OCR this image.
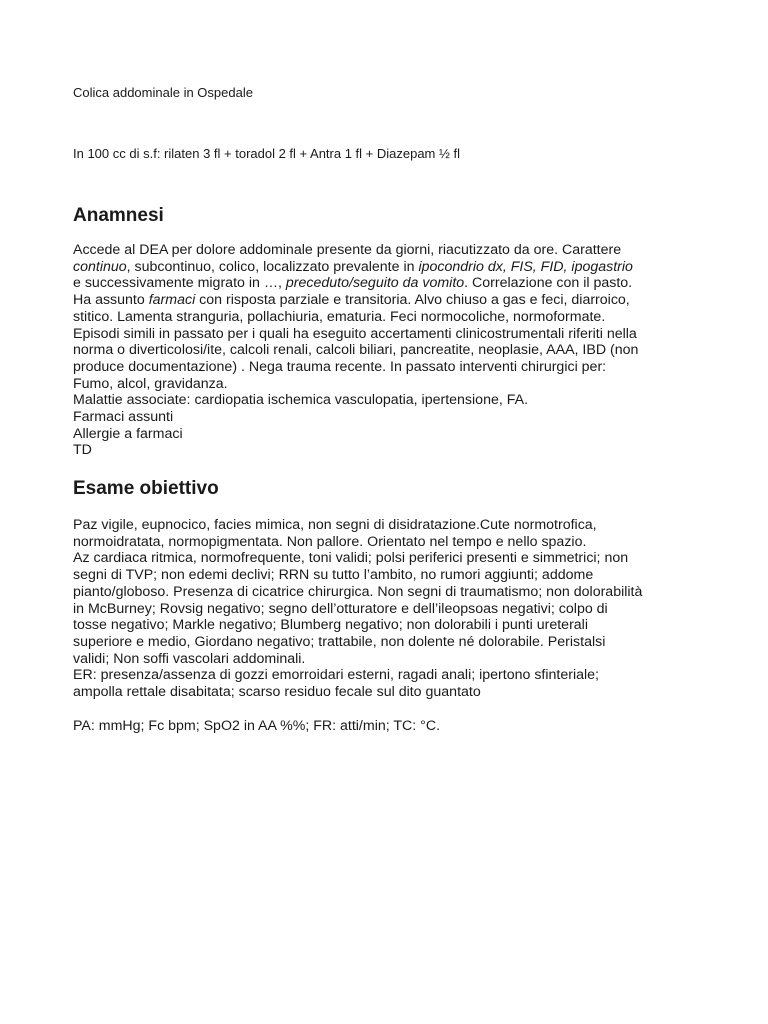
Colica addominale in Ospedale
In 100 cc di s.f: rilaten 3 fl + toradol 2 fl + Antra 1 fl + Diazepam ½ fl
Anamnesi
Accede al DEA per dolore addominale presente da giorni, riacutizzato da ore. Carattere
continuo, subcontinuo, colico, localizzato prevalente in ipocondrio dx, FIS, FID, ipogastrio
e successivamente migrato in …, preceduto/seguito da vomito. Correlazione con il pasto.
Ha assunto farmaci con risposta parziale e transitoria. Alvo chiuso a gas e feci, diarroico,
stitico. Lamenta stranguria, pollachiuria, ematuria. Feci normocoliche, normoformate.
Episodi simili in passato per i quali ha eseguito accertamenti clinicostrumentali riferiti nella
norma o diverticolosi/ite, calcoli renali, calcoli biliari, pancreatite, neoplasie, AAA, IBD (non
produce documentazione) . Nega trauma recente. In passato interventi chirurgici per:
Fumo, alcol, gravidanza.
Malattie associate: cardiopatia ischemica vasculopatia, ipertensione, FA.
Farmaci assunti
Allergie a farmaci
TD
Esame obiettivo
Paz vigile, eupnocico, facies mimica, non segni di disidratazione.Cute normotrofica,
normoidratata, normopigmentata. Non pallore. Orientato nel tempo e nello spazio.
Az cardiaca ritmica, normofrequente, toni validi; polsi periferici presenti e simmetrici; non
segni di TVP; non edemi declivi; RRN su tutto l’ambito, no rumori aggiunti; addome
pianto/globoso. Presenza di cicatrice chirurgica. Non segni di traumatismo; non dolorabilità
in McBurney; Rovsig negativo; segno dell’otturatore e dell’ileopsoas negativi; colpo di
tosse negativo; Markle negativo; Blumberg negativo; non dolorabili i punti ureterali
superiore e medio, Giordano negativo; trattabile, non dolente né dolorabile. Peristalsi
validi; Non soffi vascolari addominali.
ER: presenza/assenza di gozzi emorroidari esterni, ragadi anali; ipertono sfinteriale;
ampolla rettale disabitata; scarso residuo fecale sul dito guantato
PA: mmHg; Fc bpm; SpO2 in AA %%; FR: atti/min; TC: °C.
